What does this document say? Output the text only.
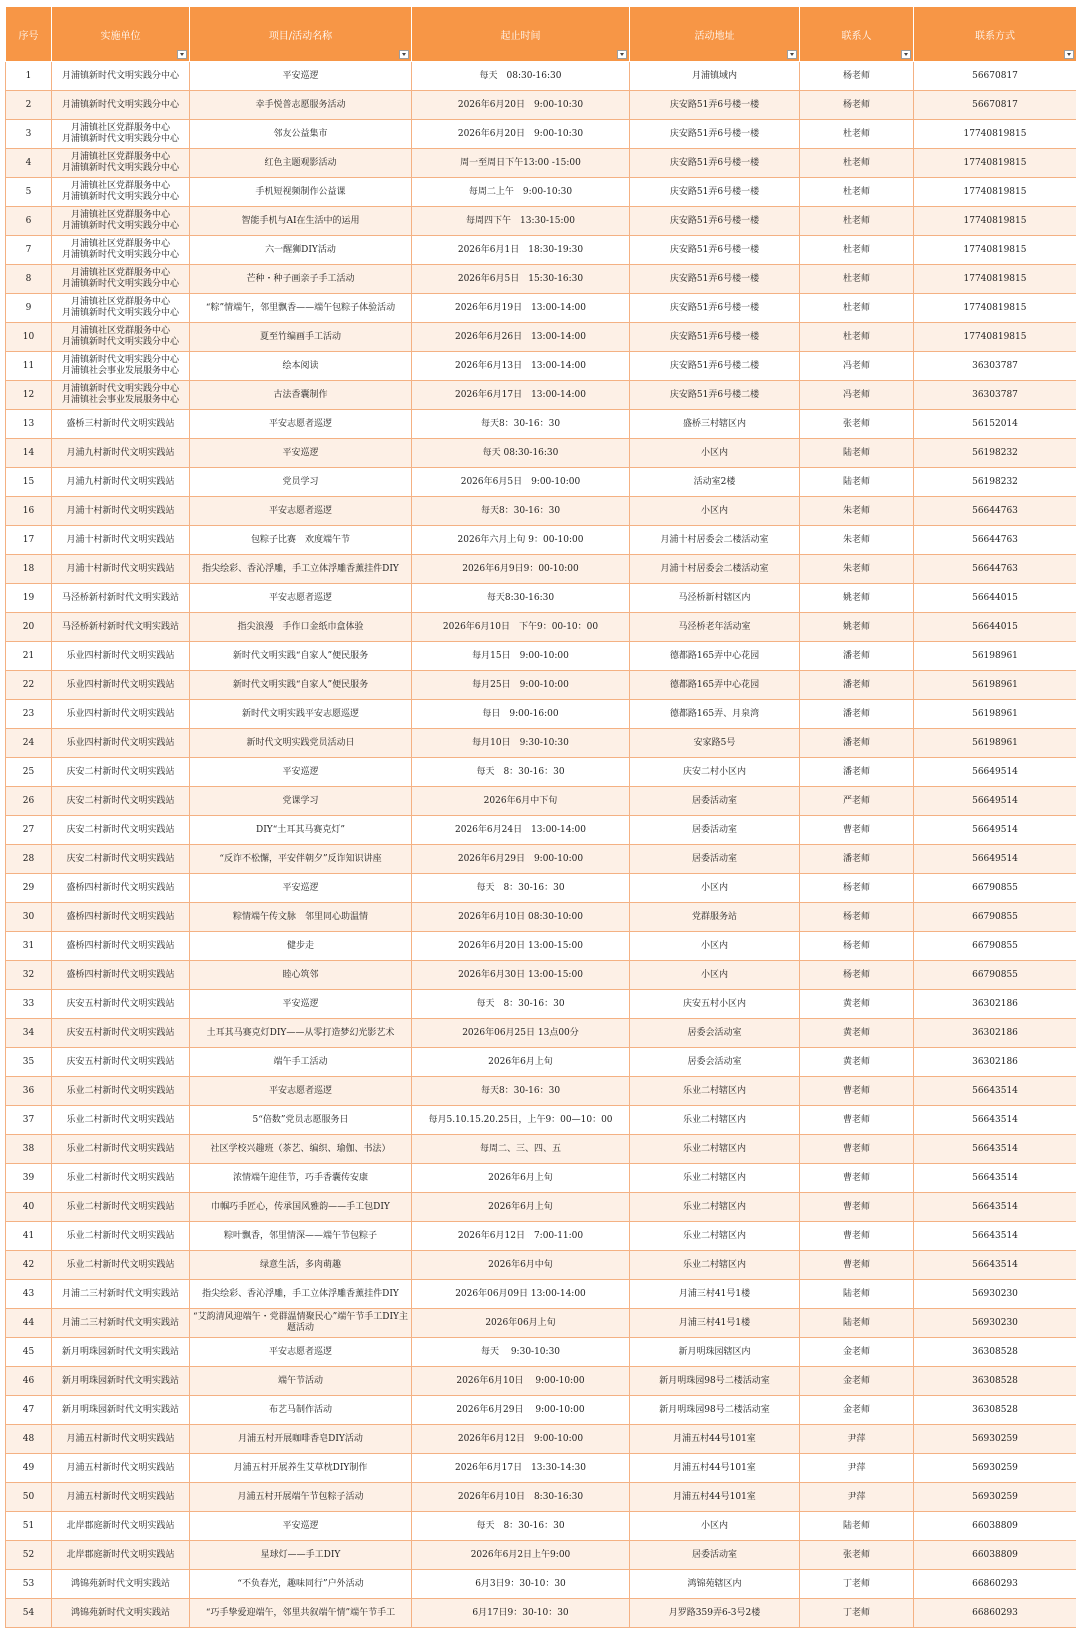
序号	实施单位	项目/活动名称	起止时间	活动地址	联系人	联系方式

1	月浦镇新时代文明实践分中心	平安巡逻	每天　08:30-16:30	月浦镇域内	杨老师	56670817
2	月浦镇新时代文明实践分中心	幸手悦普志愿服务活动	2026年6月20日　9:00-10:30	庆安路51弄6号楼一楼	杨老师	56670817
3	月浦镇社区党群服务中心
月浦镇新时代文明实践分中心	邻友公益集市	2026年6月20日　9:00-10:30	庆安路51弄6号楼一楼	杜老师	17740819815
4	月浦镇社区党群服务中心
月浦镇新时代文明实践分中心	红色主题观影活动	周一至周日下午13:00 -15:00	庆安路51弄6号楼一楼	杜老师	17740819815
5	月浦镇社区党群服务中心
月浦镇新时代文明实践分中心	手机短视频制作公益课	每周二上午　9:00-10:30	庆安路51弄6号楼一楼	杜老师	17740819815
6	月浦镇社区党群服务中心
月浦镇新时代文明实践分中心	智能手机与AI在生活中的运用	每周四下午　13:30-15:00	庆安路51弄6号楼一楼	杜老师	17740819815
7	月浦镇社区党群服务中心
月浦镇新时代文明实践分中心	六一醒狮DIY活动	2026年6月1日　18:30-19:30	庆安路51弄6号楼一楼	杜老师	17740819815
8	月浦镇社区党群服务中心
月浦镇新时代文明实践分中心	芒种・种子画亲子手工活动	2026年6月5日　15:30-16:30	庆安路51弄6号楼一楼	杜老师	17740819815
9	月浦镇社区党群服务中心
月浦镇新时代文明实践分中心	“粽”情端午，邻里飘香——端午包粽子体验活动	2026年6月19日　13:00-14:00	庆安路51弄6号楼一楼	杜老师	17740819815
10	月浦镇社区党群服务中心
月浦镇新时代文明实践分中心	夏至竹编画手工活动	2026年6月26日　13:00-14:00	庆安路51弄6号楼一楼	杜老师	17740819815
11	月浦镇新时代文明实践分中心
月浦镇社会事业发展服务中心	绘本阅读	2026年6月13日　13:00-14:00	庆安路51弄6号楼二楼	冯老师	36303787
12	月浦镇新时代文明实践分中心
月浦镇社会事业发展服务中心	古法香囊制作	2026年6月17日　13:00-14:00	庆安路51弄6号楼二楼	冯老师	36303787
13	盛桥三村新时代文明实践站	平安志愿者巡逻	每天8：30-16：30	盛桥三村辖区内	张老师	56152014
14	月浦九村新时代文明实践站	平安巡逻	每天 08:30-16:30	小区内	陆老师	56198232
15	月浦九村新时代文明实践站	党员学习	2026年6月5日　9:00-10:00	活动室2楼	陆老师	56198232
16	月浦十村新时代文明实践站	平安志愿者巡逻	每天8：30-16：30	小区内	朱老师	56644763
17	月浦十村新时代文明实践站	包粽子比赛　欢度端午节	2026年六月上旬 9：00-10:00	月浦十村居委会二楼活动室	朱老师	56644763
18	月浦十村新时代文明实践站	指尖绘彩、香沁浮雕，手工立体浮雕香薰挂件DIY	2026年6月9日9：00-10:00	月浦十村居委会二楼活动室	朱老师	56644763
19	马泾桥新村新时代文明实践站	平安志愿者巡逻	每天8:30-16:30	马泾桥新村辖区内	姚老师	56644015
20	马泾桥新村新时代文明实践站	指尖浪漫　手作口金纸巾盒体验	2026年6月10日　下午9：00-10：00	马泾桥老年活动室	姚老师	56644015
21	乐业四村新时代文明实践站	新时代文明实践“自家人”便民服务	每月15日　9:00-10:00	德都路165弄中心花园	潘老师	56198961
22	乐业四村新时代文明实践站	新时代文明实践“自家人”便民服务	每月25日　9:00-10:00	德都路165弄中心花园	潘老师	56198961
23	乐业四村新时代文明实践站	新时代文明实践平安志愿巡逻	每日　9:00-16:00	德都路165弄、月泉湾	潘老师	56198961
24	乐业四村新时代文明实践站	新时代文明实践党员活动日	每月10日　9:30-10:30	安家路5号	潘老师	56198961
25	庆安二村新时代文明实践站	平安巡逻	每天　8：30-16：30	庆安二村小区内	潘老师	56649514
26	庆安二村新时代文明实践站	党课学习	2026年6月中下旬	居委活动室	严老师	56649514
27	庆安二村新时代文明实践站	DIY“土耳其马赛克灯”	2026年6月24日　13:00-14:00	居委活动室	曹老师	56649514
28	庆安二村新时代文明实践站	“反诈不松懈，平安伴朝夕”反诈知识讲座	2026年6月29日　9:00-10:00	居委活动室	潘老师	56649514
29	盛桥四村新时代文明实践站	平安巡逻	每天　8：30-16：30	小区内	杨老师	66790855
30	盛桥四村新时代文明实践站	粽情端午传文脉　邻里同心助温情	2026年6月10日 08:30-10:00	党群服务站	杨老师	66790855
31	盛桥四村新时代文明实践站	健步走	2026年6月20日 13:00-15:00	小区内	杨老师	66790855
32	盛桥四村新时代文明实践站	睦心筑邻	2026年6月30日 13:00-15:00	小区内	杨老师	66790855
33	庆安五村新时代文明实践站	平安巡逻	每天　8：30-16：30	庆安五村小区内	黄老师	36302186
34	庆安五村新时代文明实践站	土耳其马赛克灯DIY——从零打造梦幻光影艺术	2026年06月25日 13点00分	居委会活动室	黄老师	36302186
35	庆安五村新时代文明实践站	端午手工活动	2026年6月上旬	居委会活动室	黄老师	36302186
36	乐业二村新时代文明实践站	平安志愿者巡逻	每天8：30-16：30	乐业二村辖区内	曹老师	56643514
37	乐业二村新时代文明实践站	5“倍数”党员志愿服务日	每月5.10.15.20.25日，上午9：00—10：00	乐业二村辖区内	曹老师	56643514
38	乐业二村新时代文明实践站	社区学校兴趣班（茶艺、编织、瑜伽、书法）	每周二、三、四、五	乐业二村辖区内	曹老师	56643514
39	乐业二村新时代文明实践站	浓情端午迎佳节，巧手香囊传安康	2026年6月上旬	乐业二村辖区内	曹老师	56643514
40	乐业二村新时代文明实践站	巾帼巧手匠心，传承国风雅韵——手工包DIY	2026年6月上旬	乐业二村辖区内	曹老师	56643514
41	乐业二村新时代文明实践站	粽叶飘香，邻里情深——端午节包粽子	2026年6月12日　7:00-11:00	乐业二村辖区内	曹老师	56643514
42	乐业二村新时代文明实践站	绿意生活，多肉萌趣	2026年6月中旬	乐业二村辖区内	曹老师	56643514
43	月浦二三村新时代文明实践站	指尖绘彩、香沁浮雕，手工立体浮雕香薰挂件DIY	2026年06月09日 13:00-14:00	月浦三村41号1楼	陆老师	56930230
44	月浦二三村新时代文明实践站	“艾韵清风迎端午・党群温情聚民心”端午节手工DIY主题活动	2026年06月上旬	月浦三村41号1楼	陆老师	56930230
45	新月明珠园新时代文明实践站	平安志愿者巡逻	每天　 9:30-10:30	新月明珠园辖区内	金老师	36308528
46	新月明珠园新时代文明实践站	端午节活动	2026年6月10日　 9:00-10:00	新月明珠园98号二楼活动室	金老师	36308528
47	新月明珠园新时代文明实践站	布艺马制作活动	2026年6月29日　 9:00-10:00	新月明珠园98号二楼活动室	金老师	36308528
48	月浦五村新时代文明实践站	月浦五村开展咖啡香皂DIY活动	2026年6月12日　9:00-10:00	月浦五村44号101室	尹萍	56930259
49	月浦五村新时代文明实践站	月浦五村开展养生艾草枕DIY制作	2026年6月17日　13:30-14:30	月浦五村44号101室	尹萍	56930259
50	月浦五村新时代文明实践站	月浦五村开展端午节包粽子活动	2026年6月10日　8:30-16:30	月浦五村44号101室	尹萍	56930259
51	北岸郡庭新时代文明实践站	平安巡逻	每天　8：30-16：30	小区内	陆老师	66038809
52	北岸郡庭新时代文明实践站	星球灯——手工DIY	2026年6月2日上午9:00	居委活动室	张老师	66038809
53	鸿锦苑新时代文明实践站	“不负春光，趣味同行”户外活动	6月3日9：30-10：30	鸿锦苑辖区内	丁老师	66860293
54	鸿锦苑新时代文明实践站	“巧手挚爱迎端午，邻里共叙端午情”端午节手工	6月17日9：30-10：30	月罗路359弄6-3号2楼	丁老师	66860293
